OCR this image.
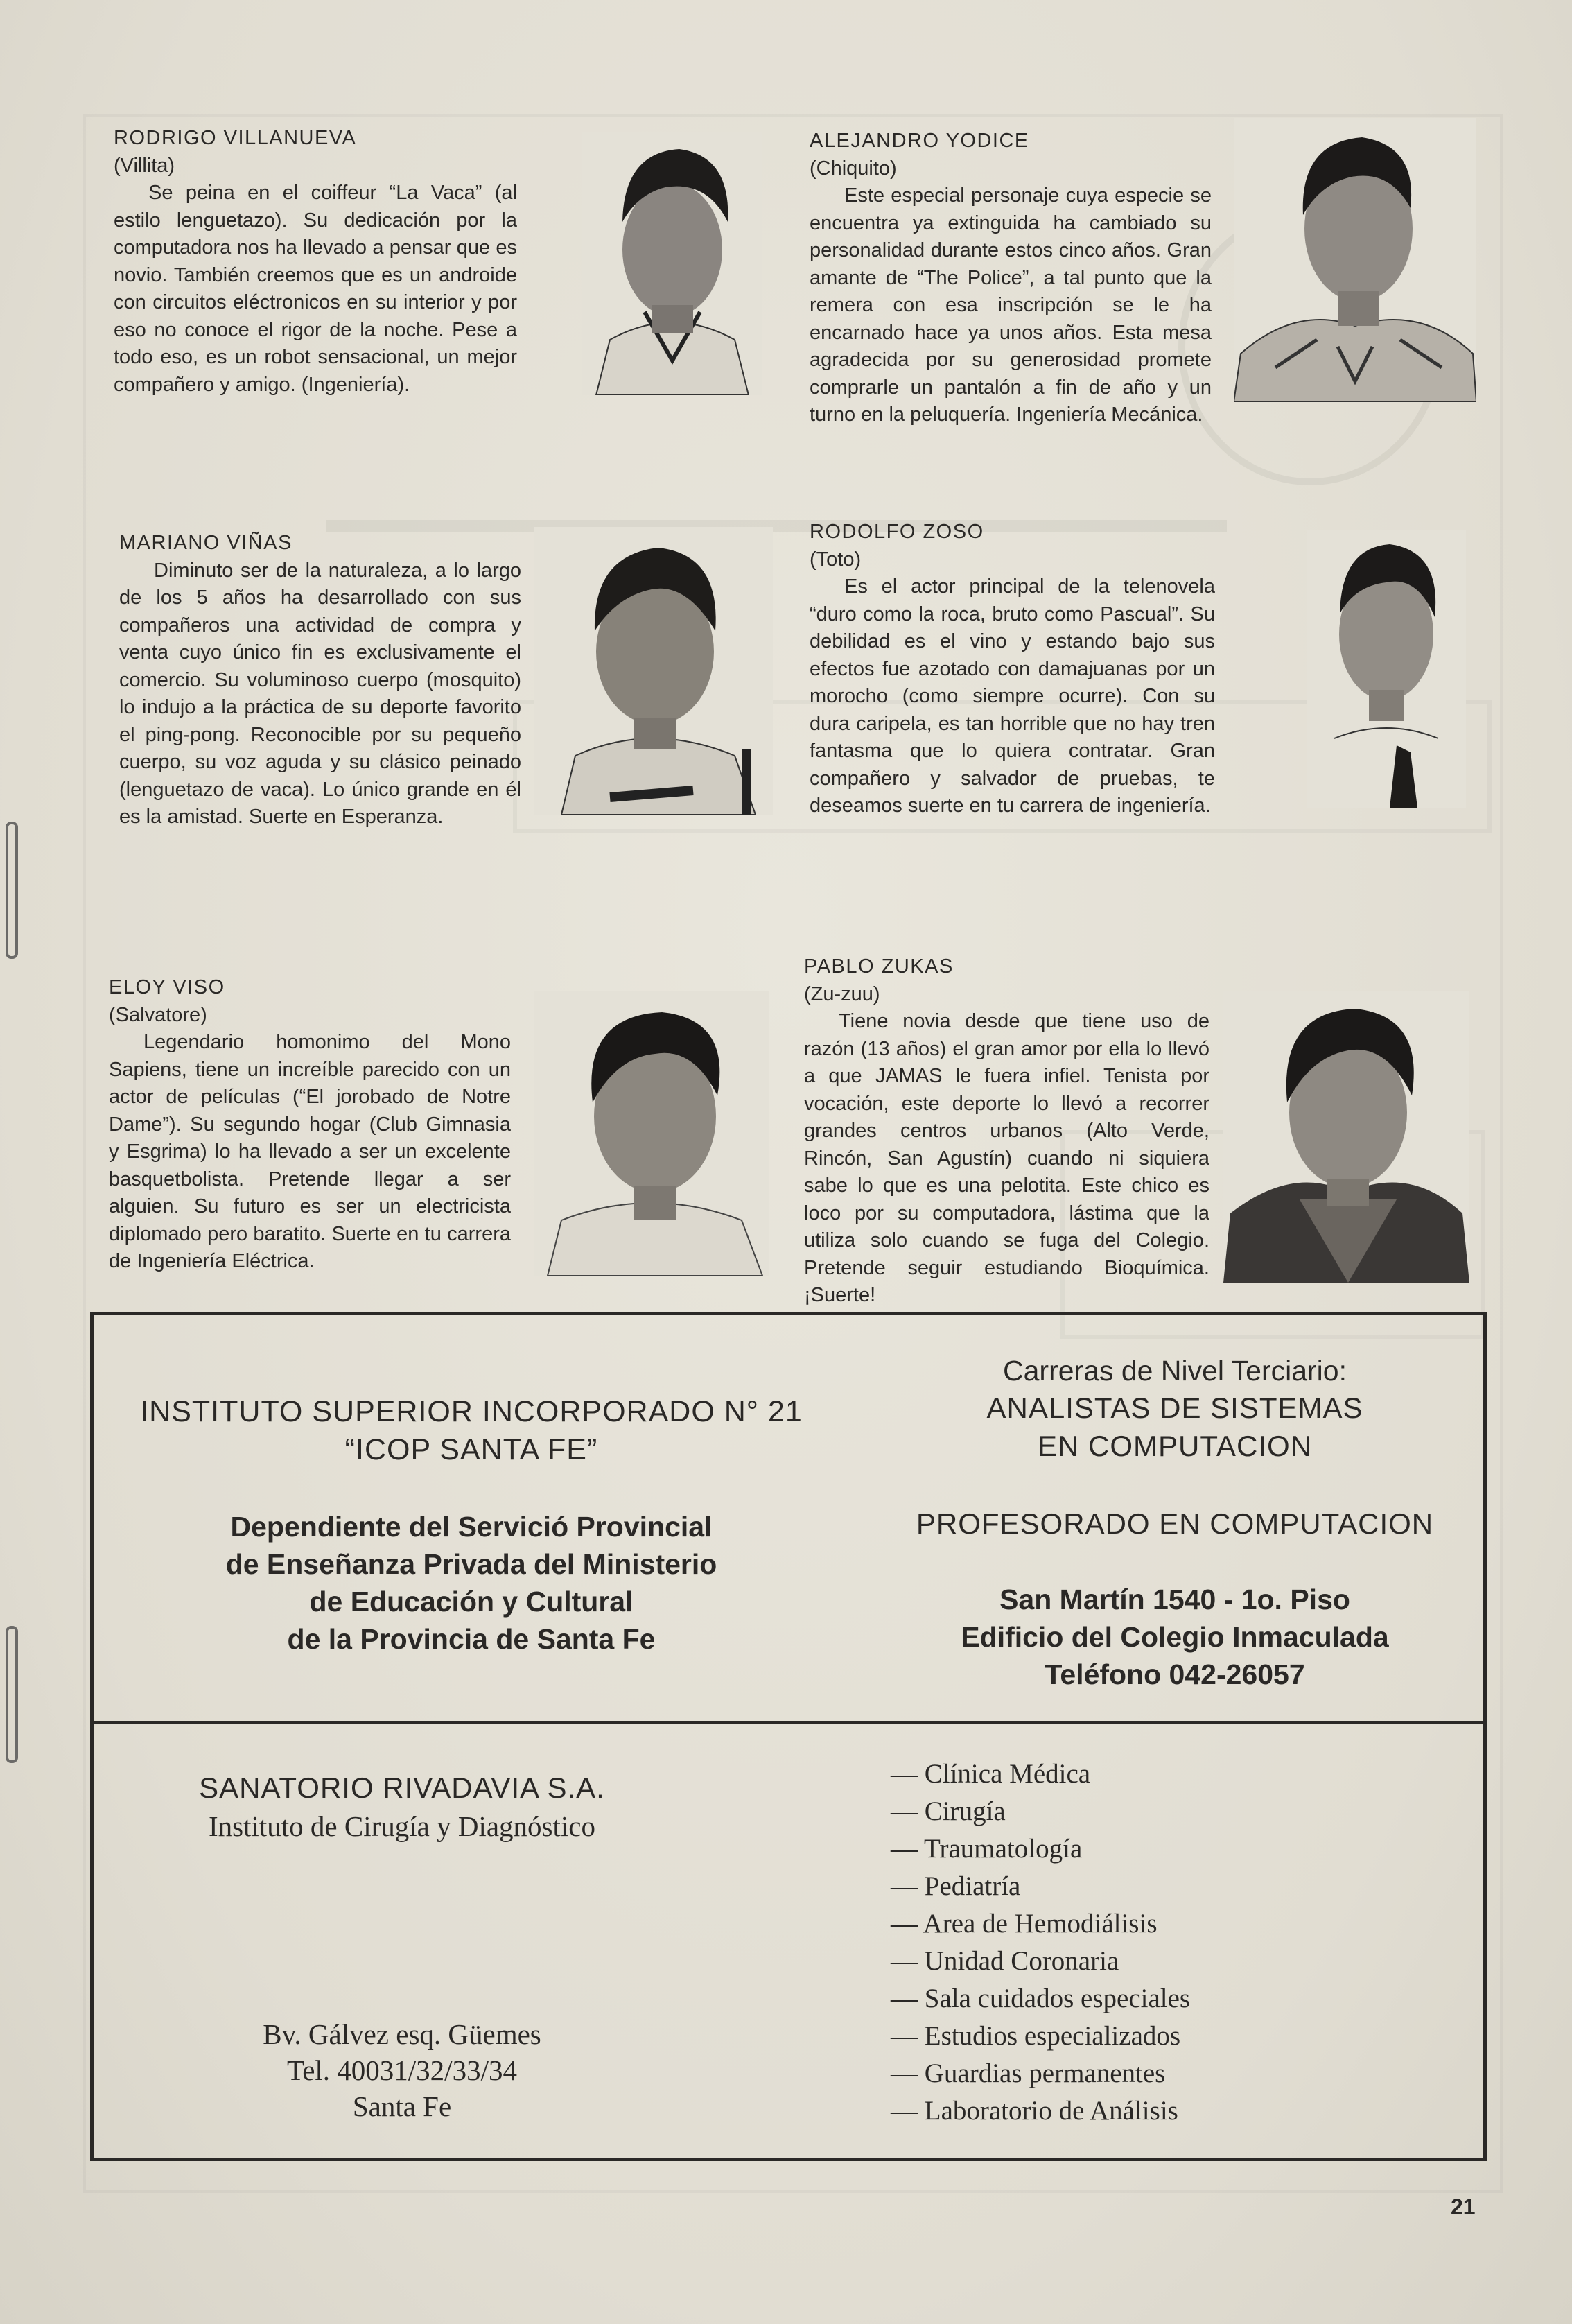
RODRIGO VILLANUEVA
(Villita)

Se peina en el coiffeur “La Vaca” (al estilo lenguetazo). Su dedicación por la computadora nos ha llevado a pensar que es novio. También creemos que es un androide con circuitos eléctronicos en su interior y por eso no conoce el rigor de la noche. Pese a todo eso, es un robot sensacional, un mejor compañero y amigo. (Ingeniería).

ALEJANDRO YODICE
(Chiquito)

Este especial personaje cuya especie se encuentra ya extinguida ha cambiado su personalidad durante estos cinco años. Gran amante de “The Police”, a tal punto que la remera con esa inscripción se le ha encarnado hace ya unos años. Esta mesa agradecida por su generosidad promete comprarle un pantalón a fin de año y un turno en la peluquería. Ingeniería Mecánica.

MARIANO VIÑAS

Diminuto ser de la naturaleza, a lo largo de los 5 años ha desarrollado con sus compañeros una actividad de compra y venta cuyo único fin es exclusivamente el comercio. Su voluminoso cuerpo (mosquito) lo indujo a la práctica de su deporte favorito el ping-pong. Reconocible por su pequeño cuerpo, su voz aguda y su clásico peinado (lenguetazo de vaca). Lo único grande en él es la amistad. Suerte en Esperanza.

RODOLFO ZOSO
(Toto)

Es el actor principal de la telenovela “duro como la roca, bruto como Pascual”. Su debilidad es el vino y estando bajo sus efectos fue azotado con damajuanas por un morocho (como siempre ocurre). Con su dura caripela, es tan horrible que no hay tren fantasma que lo quiera contratar. Gran compañero y salvador de pruebas, te deseamos suerte en tu carrera de ingeniería.

ELOY VISO
(Salvatore)

Legendario homonimo del Mono Sapiens, tiene un increíble parecido con un actor de películas (“El jorobado de Notre Dame”). Su segundo hogar (Club Gimnasia y Esgrima) lo ha llevado a ser un excelente basquetbolista. Pretende llegar a ser alguien. Su futuro es ser un electricista diplomado pero baratito. Suerte en tu carrera de Ingeniería Eléctrica.

PABLO ZUKAS
(Zu-zuu)

Tiene novia desde que tiene uso de razón (13 años) el gran amor por ella lo llevó a que JAMAS le fuera infiel. Tenista por vocación, este deporte lo llevó a recorrer grandes centros urbanos (Alto Verde, Rincón, San Agustín) cuando ni siquiera sabe lo que es una pelotita. Este chico es loco por su computadora, lástima que la utiliza solo cuando se fuga del Colegio. Pretende seguir estudiando Bioquímica. ¡Suerte!

INSTITUTO SUPERIOR INCORPORADO N° 21
“ICOP SANTA FE”
Dependiente del Servició Provincial
de Enseñanza Privada del Ministerio
de Educación y Cultural
de la Provincia de Santa Fe
Carreras de Nivel Terciario:
ANALISTAS DE SISTEMAS
EN COMPUTACION
PROFESORADO EN COMPUTACION
San Martín 1540 - 1o. Piso
Edificio del Colegio Inmaculada
Teléfono 042-26057
SANATORIO RIVADAVIA S.A.
Instituto de Cirugía y Diagnóstico
Bv. Gálvez esq. Güemes
Tel. 40031/32/33/34
Santa Fe
— Clínica Médica
— Cirugía
— Traumatología
— Pediatría
— Area de Hemodiálisis
— Unidad Coronaria
— Sala cuidados especiales
— Estudios especializados
— Guardias permanentes
— Laboratorio de Análisis
21
